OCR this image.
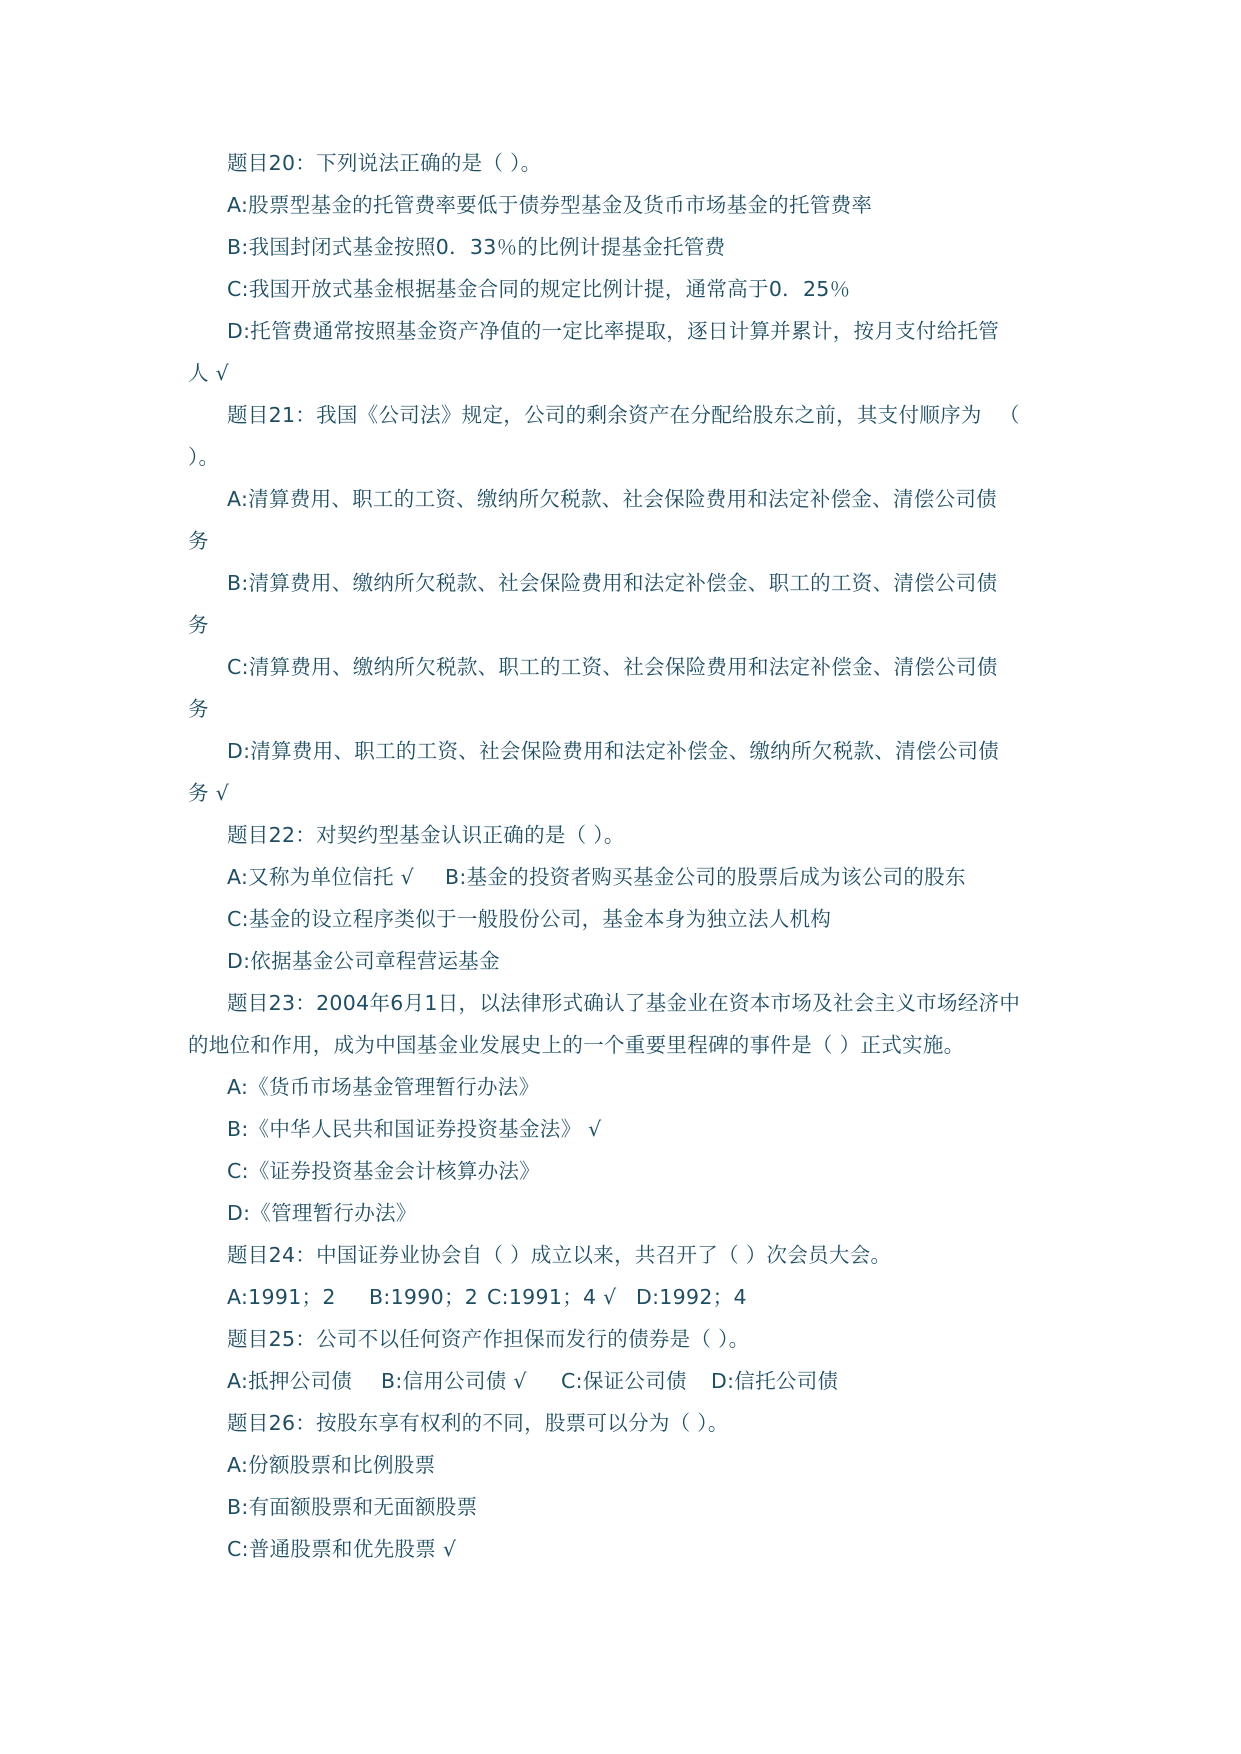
题目20：下列说法正确的是（ ）。
A:股票型基金的托管费率要低于债券型基金及货币市场基金的托管费率
B:我国封闭式基金按照0．33％的比例计提基金托管费
C:我国开放式基金根据基金合同的规定比例计提，通常高于0．25％
D:托管费通常按照基金资产净值的一定比率提取，逐日计算并累计，按月支付给托管
人 √
题目21：我国《公司法》规定，公司的剩余资产在分配给股东之前，其支付顺序为 　（
）。
A:清算费用、职工的工资、缴纳所欠税款、社会保险费用和法定补偿金、清偿公司债
务
B:清算费用、缴纳所欠税款、社会保险费用和法定补偿金、职工的工资、清偿公司债
务
C:清算费用、缴纳所欠税款、职工的工资、社会保险费用和法定补偿金、清偿公司债
务
D:清算费用、职工的工资、社会保险费用和法定补偿金、缴纳所欠税款、清偿公司债
务 √
题目22：对契约型基金认识正确的是（ ）。
A:又称为单位信托 √ B:基金的投资者购买基金公司的股票后成为该公司的股东
C:基金的设立程序类似于一般股份公司，基金本身为独立法人机构
D:依据基金公司章程营运基金
题目23：2004年6月1日，以法律形式确认了基金业在资本市场及社会主义市场经济中
的地位和作用，成为中国基金业发展史上的一个重要里程碑的事件是（ ）正式实施。
A:《货币市场基金管理暂行办法》
B:《中华人民共和国证券投资基金法》 √
C:《证券投资基金会计核算办法》
D:《管理暂行办法》
题目24：中国证券业协会自（ ）成立以来，共召开了（ ）次会员大会。
A:1991；2 B:1990；2 C:1991；4 √ D:1992；4
题目25：公司不以任何资产作担保而发行的债券是（ ）。
A:抵押公司债 B:信用公司债 √ C:保证公司债 D:信托公司债
题目26：按股东享有权利的不同，股票可以分为（ ）。
A:份额股票和比例股票
B:有面额股票和无面额股票
C:普通股票和优先股票 √
